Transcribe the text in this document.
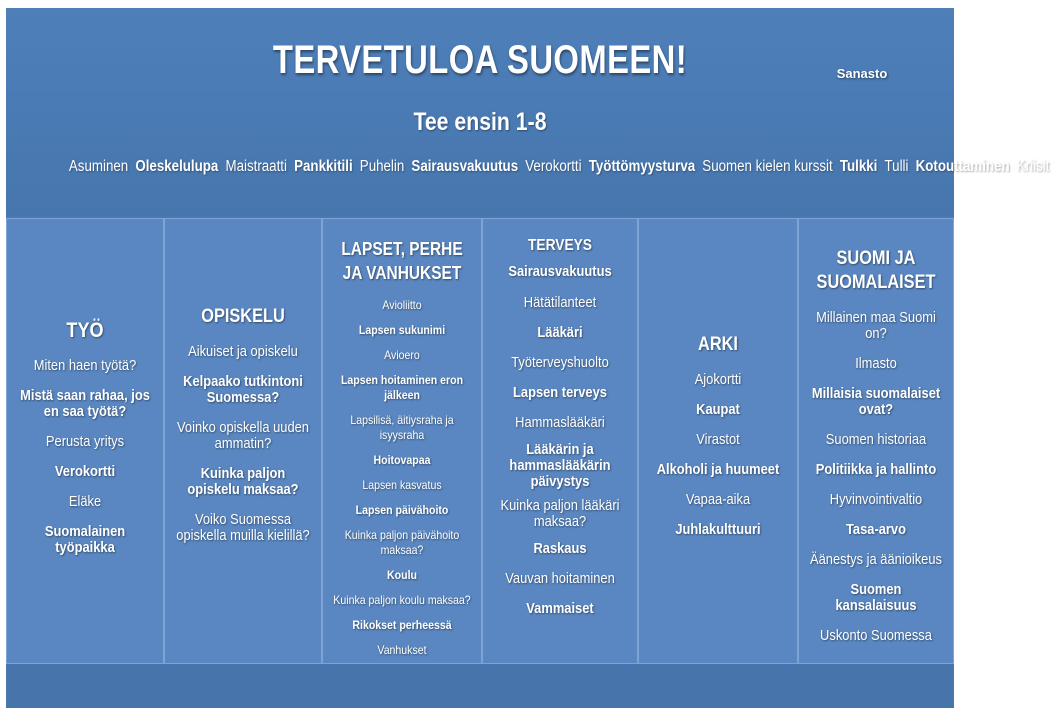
TERVETULOA SUOMEEN!	Sanasto
Tee ensin 1-8
Asuminen Oleskelulupa Maistraatti Pankkitili Puhelin Sairausvakuutus Verokortti Työttömyysturva Suomen kielen kurssit Tulkki Tulli Kotouttaminen Kriisit
TYÖ
Miten haen työtä?
Mistä saan rahaa, jos en saa työtä?
Perusta yritys
Verokortti
Eläke
Suomalainen työpaikka
OPISKELU
Aikuiset ja opiskelu
Kelpaako tutkintoni Suomessa?
Voinko opiskella uuden ammatin?
Kuinka paljon opiskelu maksaa?
Voiko Suomessa opiskella muilla kielillä?
LAPSET, PERHE JA VANHUKSET
Avioliitto
Lapsen sukunimi
Avioero
Lapsen hoitaminen eron jälkeen
Lapsilisä, äitiysraha ja isyysraha
Hoitovapaa
Lapsen kasvatus
Lapsen päivähoito
Kuinka paljon päivähoito maksaa?
Koulu
Kuinka paljon koulu maksaa?
Rikokset perheessä
Vanhukset
TERVEYS
Sairausvakuutus
Hätätilanteet
Lääkäri
Työterveyshuolto
Lapsen terveys
Hammaslääkäri
Lääkärin ja hammaslääkärin päivystys
Kuinka paljon lääkäri maksaa?
Raskaus
Vauvan hoitaminen
Vammaiset
ARKI
Ajokortti
Kaupat
Virastot
Alkoholi ja huumeet
Vapaa-aika
Juhlakulttuuri
SUOMI JA SUOMALAISET
Millainen maa Suomi on?
Ilmasto
Millaisia suomalaiset ovat?
Suomen historiaa
Politiikka ja hallinto
Hyvinvointivaltio
Tasa-arvo
Äänestys ja äänioikeus
Suomen kansalaisuus
Uskonto Suomessa
